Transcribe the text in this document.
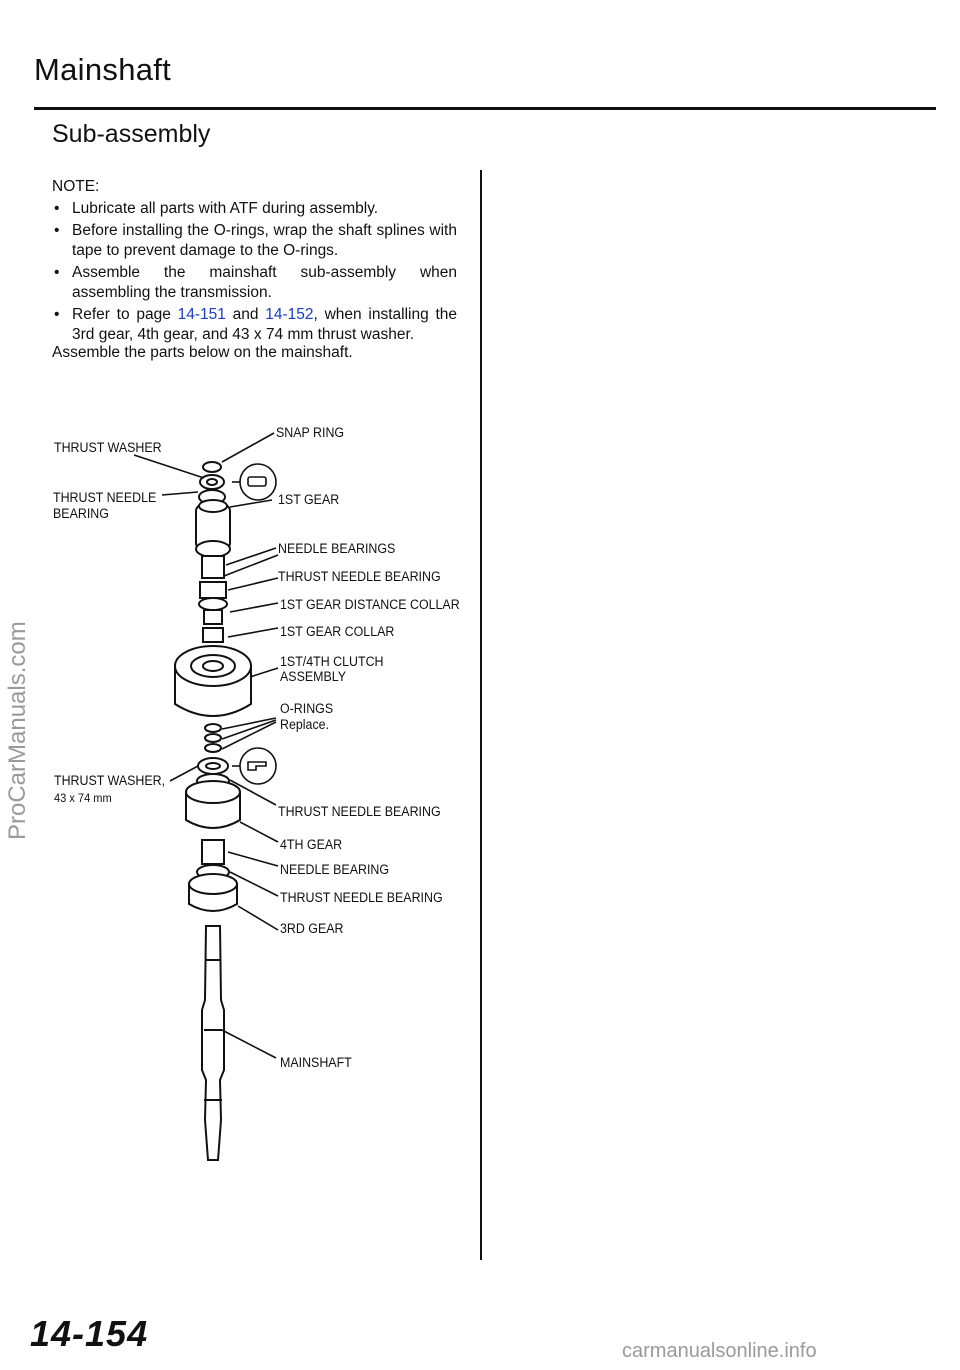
Mainshaft
Sub-assembly
NOTE:
• Lubricate all parts with ATF during assembly.
• Before installing the O-rings, wrap the shaft splines with tape to prevent damage to the O-rings.
• Assemble the mainshaft sub-assembly when assembling the transmission.
• Refer to page 14-151 and 14-152, when installing the 3rd gear, 4th gear, and 43 x 74 mm thrust washer.
Assemble the parts below on the mainshaft.
THRUST WASHER
THRUST NEEDLE
BEARING
SNAP RING
1ST GEAR
NEEDLE BEARINGS
THRUST NEEDLE BEARING
1ST GEAR DISTANCE COLLAR
1ST GEAR COLLAR
1ST/4TH CLUTCH
ASSEMBLY
O-RINGS
Replace.
THRUST WASHER,
43 x 74 mm
THRUST NEEDLE BEARING
4TH GEAR
NEEDLE BEARING
THRUST NEEDLE BEARING
3RD GEAR
MAINSHAFT
14-154
ProCarManuals.com
carmanualsonline.info
